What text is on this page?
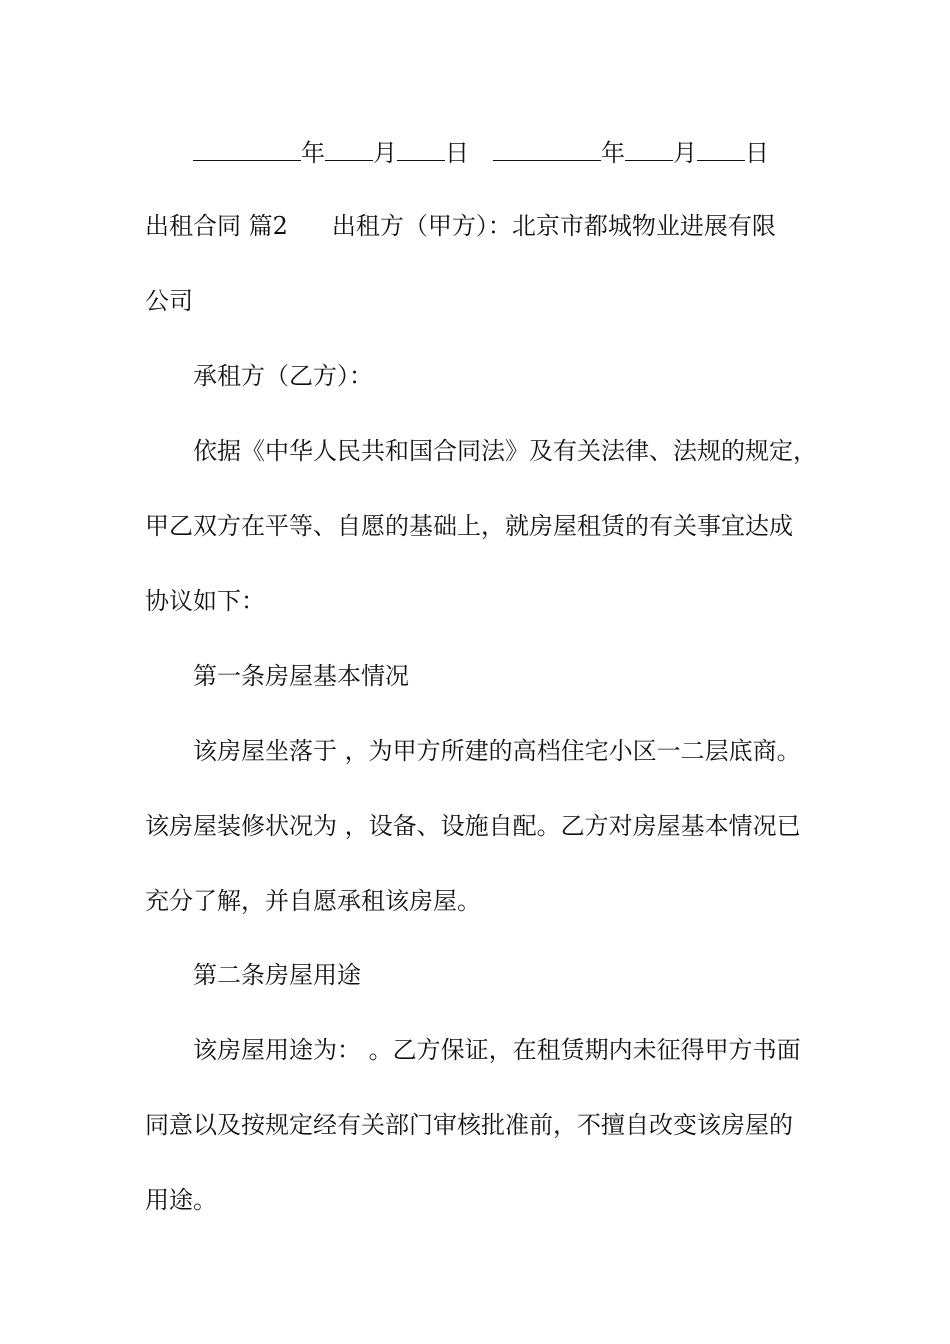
年 月 日	年 月 日
出租合同 篇2 出租方（甲方）：北京市都城物业进展有限
公司
承租方（乙方）：
依据《中华人民共和国合同法》及有关法律、法规的规定，
甲乙双方在平等、自愿的基础上，就房屋租赁的有关事宜达成
协议如下：
第一条房屋基本情况
该房屋坐落于 ，为甲方所建的高档住宅小区一二层底商。
该房屋装修状况为 ，设备、设施自配。乙方对房屋基本情况已
充分了解，并自愿承租该房屋。
第二条房屋用途
该房屋用途为： 。乙方保证，在租赁期内未征得甲方书面
同意以及按规定经有关部门审核批准前，不擅自改变该房屋的
用途。
